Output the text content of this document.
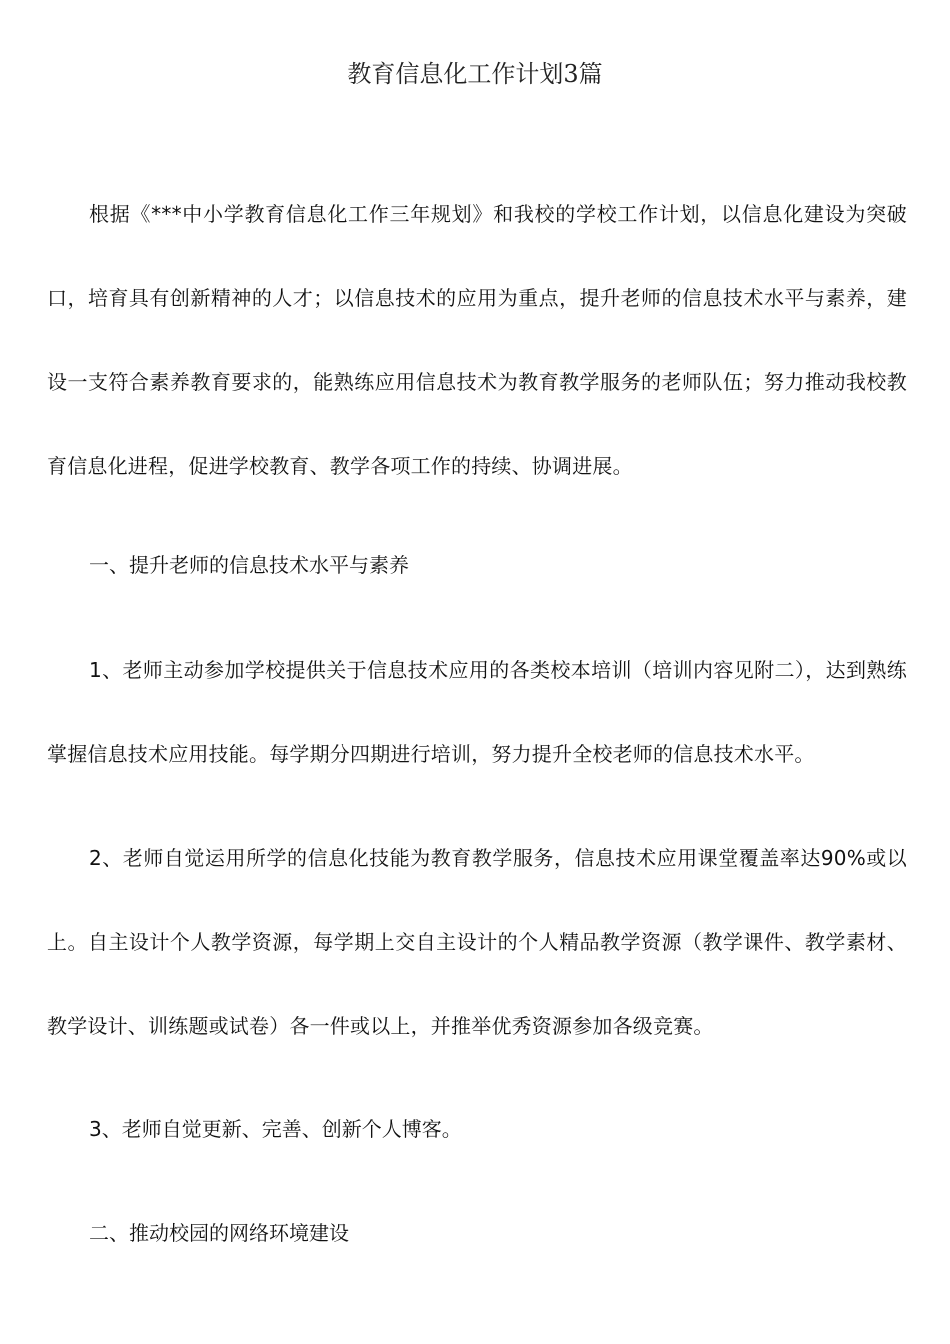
教育信息化工作计划3篇

根据《***中小学教育信息化工作三年规划》和我校的学校工作计划，以信息化建设为突破口，培育具有创新精神的人才；以信息技术的应用为重点，提升老师的信息技术水平与素养，建设一支符合素养教育要求的，能熟练应用信息技术为教育教学服务的老师队伍；努力推动我校教育信息化进程，促进学校教育、教学各项工作的持续、协调进展。

一、提升老师的信息技术水平与素养

1、老师主动参加学校提供关于信息技术应用的各类校本培训（培训内容见附二），达到熟练掌握信息技术应用技能。每学期分四期进行培训，努力提升全校老师的信息技术水平。

2、老师自觉运用所学的信息化技能为教育教学服务，信息技术应用课堂覆盖率达90%或以上。自主设计个人教学资源，每学期上交自主设计的个人精品教学资源（教学课件、教学素材、教学设计、训练题或试卷）各一件或以上，并推举优秀资源参加各级竞赛。

3、老师自觉更新、完善、创新个人博客。

二、推动校园的网络环境建设
